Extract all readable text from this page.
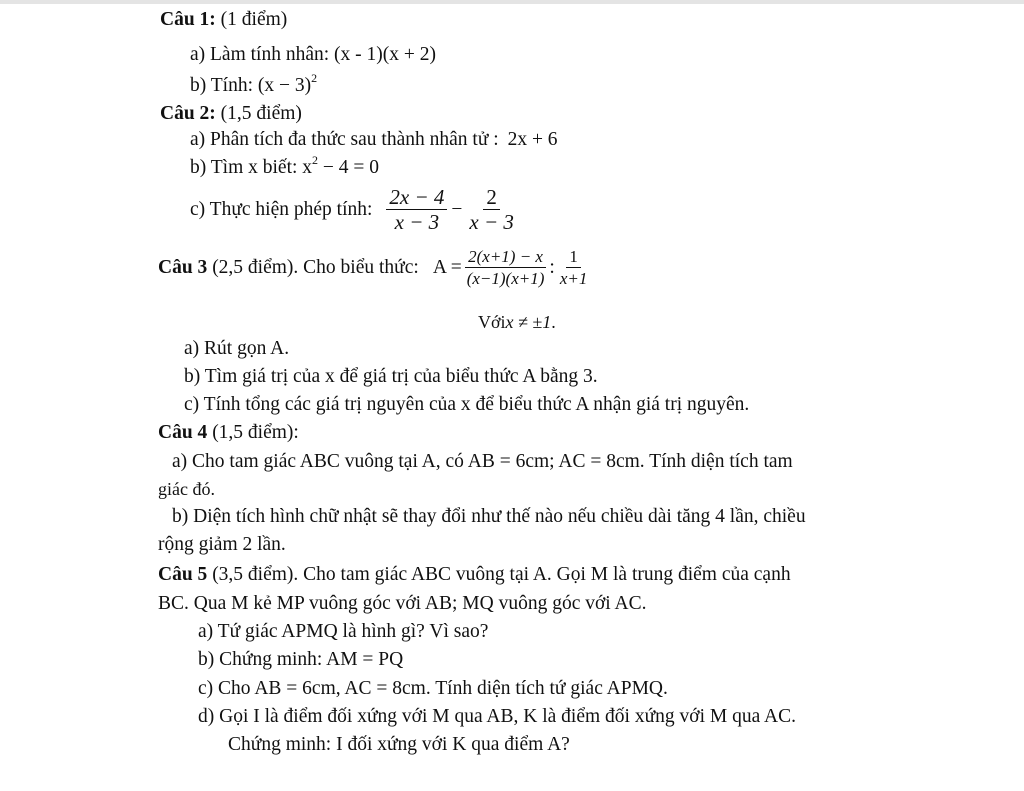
Câu 1: (1 điểm)
a) Làm tính nhân: (x - 1)(x + 2)
b) Tính: $(x - 3)^2$
Câu 2: (1,5 điểm)
a) Phân tích đa thức sau thành nhân tử : 2x + 6
b) Tìm x biết: $x^2 - 4 = 0$
c) Thực hiện phép tính: $\frac{2x - 4}{x - 3} - \frac{2}{x - 3}$
Câu 3 (2,5 điểm). Cho biểu thức: $A = \frac{2(x+1) - x}{(x-1)(x+1)}$ : $\frac{1}{x+1}$
Vớix ≠ ±1.
a) Rút gọn A.
b) Tìm giá trị của x để giá trị của biểu thức A bằng 3.
c) Tính tổng các giá trị nguyên của x để biểu thức A nhận giá trị nguyên.
Câu 4 (1,5 điểm):
a) Cho tam giác ABC vuông tại A, có AB = 6cm; AC = 8cm. Tính diện tích tam
giác đó.
b) Diện tích hình chữ nhật sẽ thay đổi như thế nào nếu chiều dài tăng 4 lần, chiều
rộng giảm 2 lần.
Câu 5 (3,5 điểm). Cho tam giác ABC vuông tại A. Gọi M là trung điểm của cạnh
BC. Qua M kẻ MP vuông góc với AB; MQ vuông góc với AC.
a) Tứ giác APMQ là hình gì? Vì sao?
b) Chứng minh: AM = PQ
c) Cho AB = 6cm, AC = 8cm. Tính diện tích tứ giác APMQ.
d) Gọi I là điểm đối xứng với M qua AB, K là điểm đối xứng với M qua AC.
Chứng minh: I đối xứng với K qua điểm A?
